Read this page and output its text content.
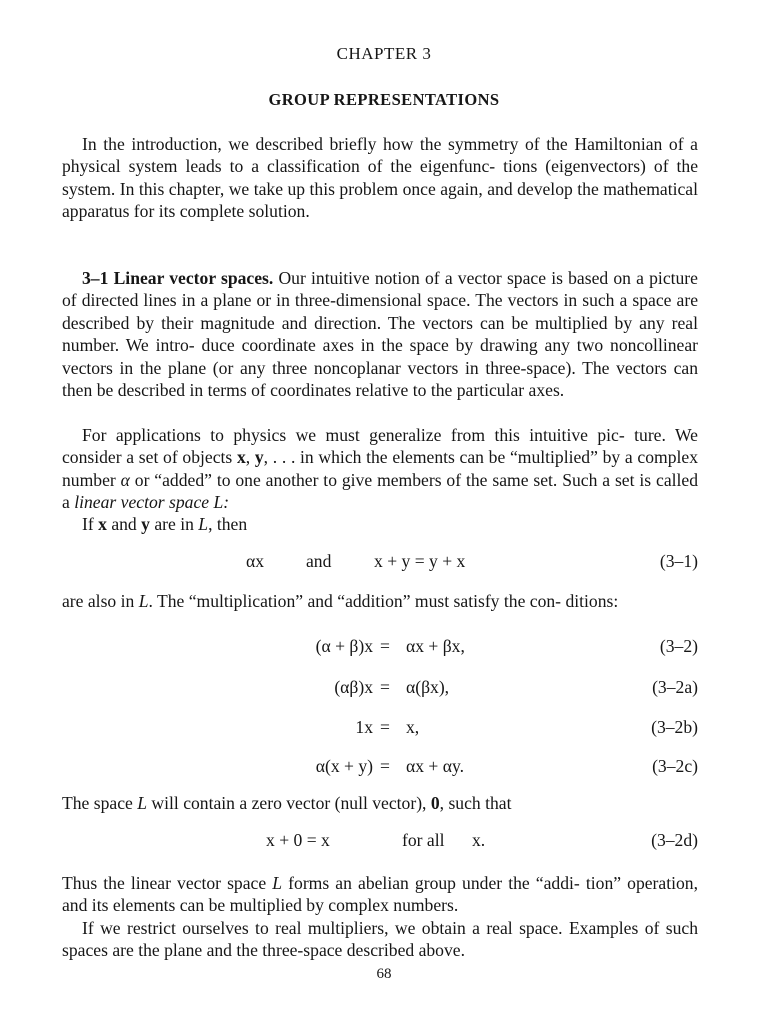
CHAPTER 3
GROUP REPRESENTATIONS

In the introduction, we described briefly how the symmetry of the Hamiltonian of a physical system leads to a classification of the eigenfunc- tions (eigenvectors) of the system. In this chapter, we take up this problem once again, and develop the mathematical apparatus for its complete solution.

3–1 Linear vector spaces. Our intuitive notion of a vector space is based on a picture of directed lines in a plane or in three-dimensional space. The vectors in such a space are described by their magnitude and direction. The vectors can be multiplied by any real number. We intro- duce coordinate axes in the space by drawing any two noncollinear vectors in the plane (or any three noncoplanar vectors in three-space). The vectors can then be described in terms of coordinates relative to the particular axes.

For applications to physics we must generalize from this intuitive pic- ture. We consider a set of objects x, y, . . . in which the elements can be “multiplied” by a complex number α or “added” to one another to give members of the same set. Such a set is called a linear vector space L:

If x and y are in L, then

αx and x + y = y + x	(3–1)

are also in L. The “multiplication” and “addition” must satisfy the con- ditions:

(α + β)x = αx + βx,	(3–2)
(αβ)x = α(βx),	(3–2a)
1x = x,	(3–2b)
α(x + y) = αx + αy.	(3–2c)

The space L will contain a zero vector (null vector), 0, such that

x + 0 = x	for all x.	(3–2d)

Thus the linear vector space L forms an abelian group under the “addi- tion” operation, and its elements can be multiplied by complex numbers.

If we restrict ourselves to real multipliers, we obtain a real space. Examples of such spaces are the plane and the three-space described above.

68
